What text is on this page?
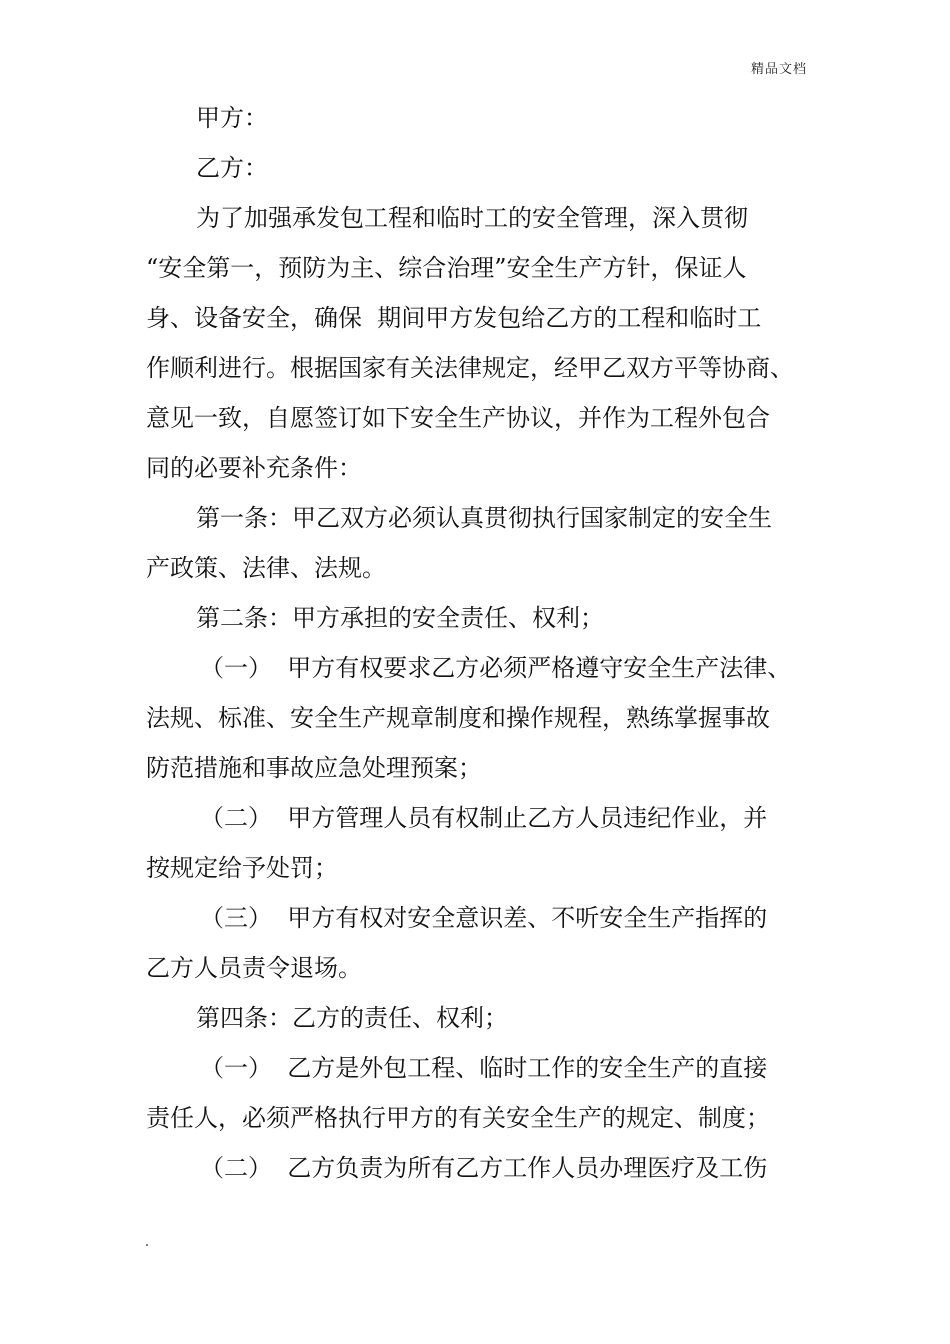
精品文档
甲方：
乙方：
为了加强承发包工程和临时工的安全管理，深入贯彻
“安全第一，预防为主、综合治理”安全生产方针，保证人
身、设备安全，确保  期间甲方发包给乙方的工程和临时工
作顺利进行。根据国家有关法律规定，经甲乙双方平等协商、
意见一致，自愿签订如下安全生产协议，并作为工程外包合
同的必要补充条件：
第一条：甲乙双方必须认真贯彻执行国家制定的安全生
产政策、法律、法规。
第二条：甲方承担的安全责任、权利；
（一）  甲方有权要求乙方必须严格遵守安全生产法律、
法规、标准、安全生产规章制度和操作规程，熟练掌握事故
防范措施和事故应急处理预案；
（二）  甲方管理人员有权制止乙方人员违纪作业，并
按规定给予处罚；
（三）  甲方有权对安全意识差、不听安全生产指挥的
乙方人员责令退场。
第四条：乙方的责任、权利；
（一）  乙方是外包工程、临时工作的安全生产的直接
责任人，必须严格执行甲方的有关安全生产的规定、制度；
（二）  乙方负责为所有乙方工作人员办理医疗及工伤
